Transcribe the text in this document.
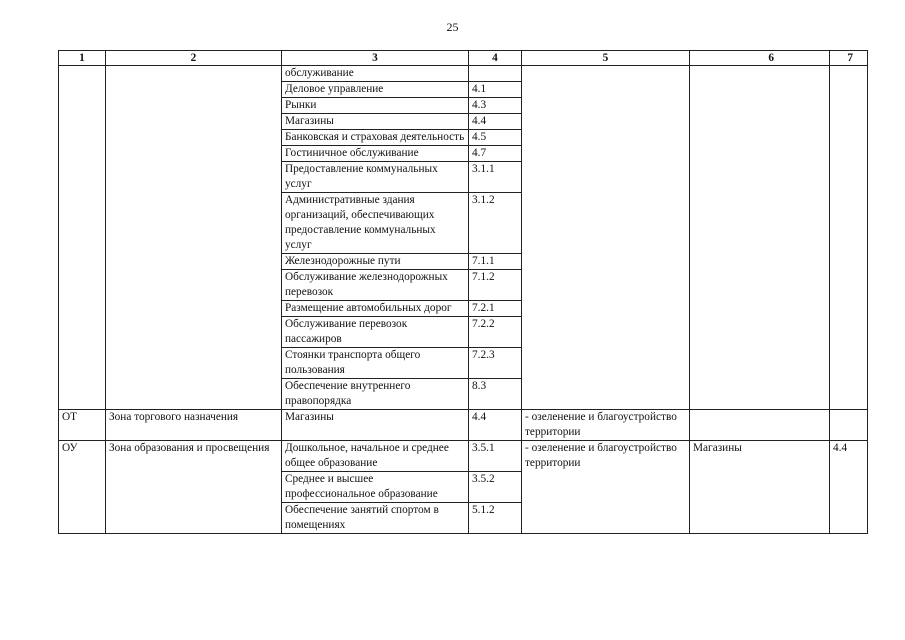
25
1	2	3	4	5	6	7
		обслуживание				
		Деловое управление	4.1			
		Рынки	4.3			
		Магазины	4.4			
		Банковская и страховая деятельность	4.5			
		Гостиничное обслуживание	4.7			
		Предоставление коммунальных услуг	3.1.1			
		Административные здания организаций, обеспечивающих предоставление коммунальных услуг	3.1.2			
		Железнодорожные пути	7.1.1			
		Обслуживание железнодорожных перевозок	7.1.2			
		Размещение автомобильных дорог	7.2.1			
		Обслуживание перевозок пассажиров	7.2.2			
		Стоянки транспорта общего пользования	7.2.3			
		Обеспечение внутреннего правопорядка	8.3			
ОТ	Зона торгового назначения	Магазины	4.4	- озеленение и благоустройство территории		
ОУ	Зона образования и просвещения	Дошкольное, начальное и среднее общее образование	3.5.1	- озеленение и благоустройство территории	Магазины	4.4
		Среднее и высшее профессиональное образование	3.5.2			
		Обеспечение занятий спортом в помещениях	5.1.2			
